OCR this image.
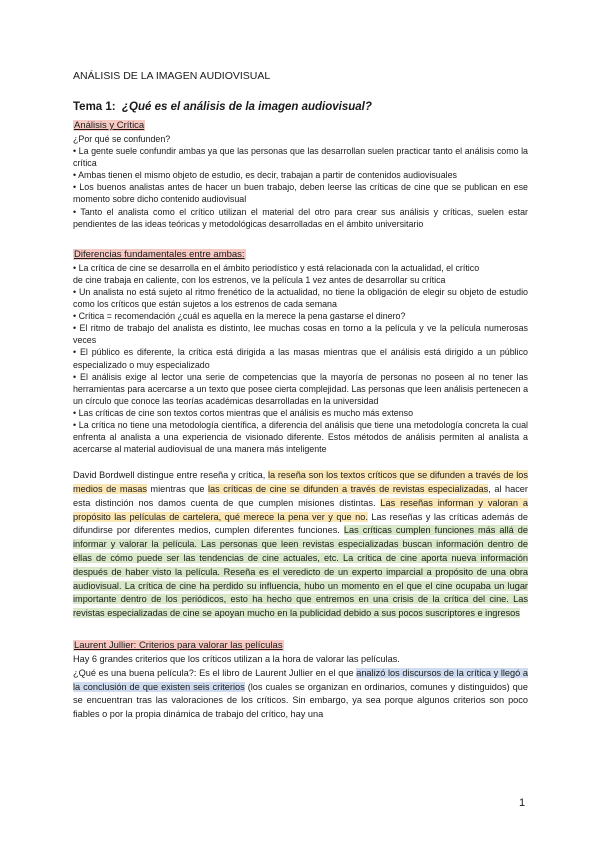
ANÁLISIS DE LA IMAGEN AUDIOVISUAL

Tema 1: ¿Qué es el análisis de la imagen audiovisual?

Análisis y Crítica

¿Por qué se confunden?

• La gente suele confundir ambas ya que las personas que las desarrollan suelen practicar tanto el análisis como la crítica

• Ambas tienen el mismo objeto de estudio, es decir, trabajan a partir de contenidos audiovisuales

• Los buenos analistas antes de hacer un buen trabajo, deben leerse las críticas de cine que se publican en ese momento sobre dicho contenido audiovisual

• Tanto el analista como el crítico utilizan el material del otro para crear sus análisis y críticas, suelen estar pendientes de las ideas teóricas y metodológicas desarrolladas en el ámbito universitario

Diferencias fundamentales entre ambas:

• La crítica de cine se desarrolla en el ámbito periodístico y está relacionada con la actualidad, el crítico

de cine trabaja en caliente, con los estrenos, ve la película 1 vez antes de desarrollar su crítica

• Un analista no está sujeto al ritmo frenético de la actualidad, no tiene la obligación de elegir su objeto de estudio como los críticos que están sujetos a los estrenos de cada semana

• Crítica = recomendación ¿cuál es aquella en la merece la pena gastarse el dinero?

• El ritmo de trabajo del analista es distinto, lee muchas cosas en torno a la película y ve la película numerosas veces

• El público es diferente, la crítica está dirigida a las masas mientras que el análisis está dirigido a un público especializado o muy especializado

• El análisis exige al lector una serie de competencias que la mayoría de personas no poseen al no tener las herramientas para acercarse a un texto que posee cierta complejidad. Las personas que leen análisis pertenecen a un círculo que conoce las teorías académicas desarrolladas en la universidad

• Las críticas de cine son textos cortos mientras que el análisis es mucho más extenso

• La crítica no tiene una metodología científica, a diferencia del análisis que tiene una metodología concreta la cual enfrenta al analista a una experiencia de visionado diferente. Estos métodos de análisis permiten al analista a acercarse al material audiovisual de una manera más inteligente

David Bordwell distingue entre reseña y crítica, la reseña son los textos críticos que se difunden a través de los medios de masas mientras que las críticas de cine se difunden a través de revistas especializadas, al hacer esta distinción nos damos cuenta de que cumplen misiones distintas. Las reseñas informan y valoran a propósito las películas de cartelera, qué merece la pena ver y que no. Las reseñas y las críticas además de difundirse por diferentes medios, cumplen diferentes funciones. Las críticas cumplen funciones más allá de informar y valorar la película. Las personas que leen revistas especializadas buscan información dentro de ellas de cómo puede ser las tendencias de cine actuales, etc. La crítica de cine aporta nueva información después de haber visto la película. Reseña es el veredicto de un experto imparcial a propósito de una obra audiovisual. La crítica de cine ha perdido su influencia, hubo un momento en el que el cine ocupaba un lugar importante dentro de los periódicos, esto ha hecho que entremos en una crisis de la crítica del cine. Las revistas especializadas de cine se apoyan mucho en la publicidad debido a sus pocos suscriptores e ingresos

Laurent Jullier: Criterios para valorar las películas

Hay 6 grandes criterios que los críticos utilizan a la hora de valorar las películas.

¿Qué es una buena película?: Es el libro de Laurent Jullier en el que analizó los discursos de la crítica y llegó a la conclusión de que existen seis criterios (los cuales se organizan en ordinarios, comunes y distinguidos) que se encuentran tras las valoraciones de los críticos. Sin embargo, ya sea porque algunos criterios son poco fiables o por la propia dinámica de trabajo del crítico, hay una

1
